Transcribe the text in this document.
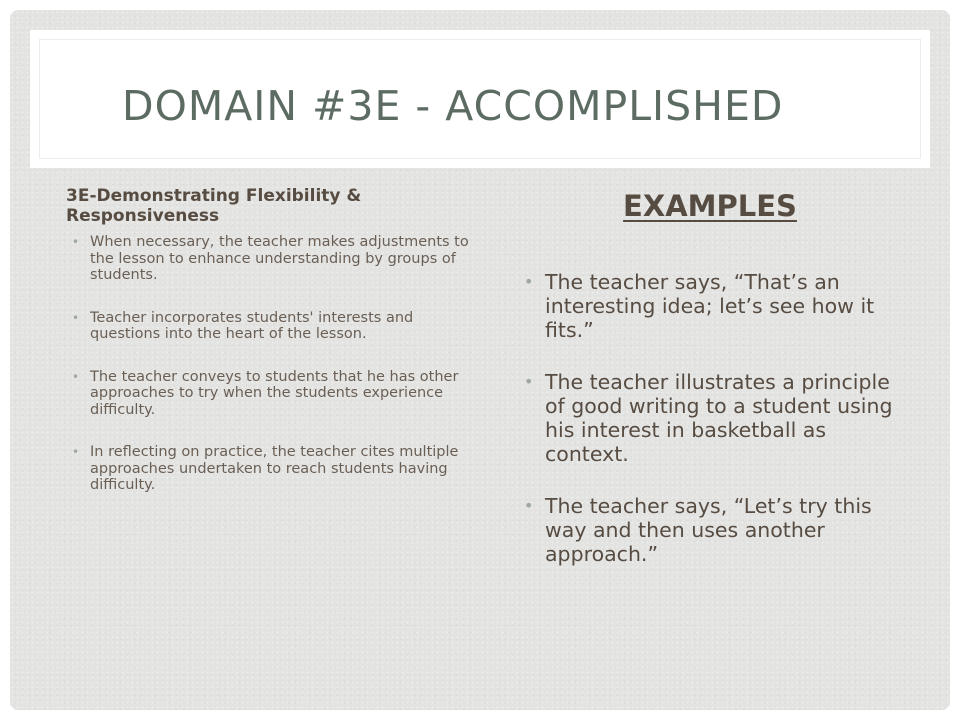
DOMAIN #3E - ACCOMPLISHED
3E-Demonstrating Flexibility & Responsiveness
• When necessary, the teacher makes adjustments to the lesson to enhance understanding by groups of students.
• Teacher incorporates students' interests and questions into the heart of the lesson.
• The teacher conveys to students that he has other approaches to try when the students experience difficulty.
• In reflecting on practice, the teacher cites multiple approaches undertaken to reach students having difficulty.
EXAMPLES
• The teacher says, “That’s an interesting idea; let’s see how it fits.”
• The teacher illustrates a principle of good writing to a student using his interest in basketball as context.
• The teacher says, “Let’s try this way and then uses another approach.”
